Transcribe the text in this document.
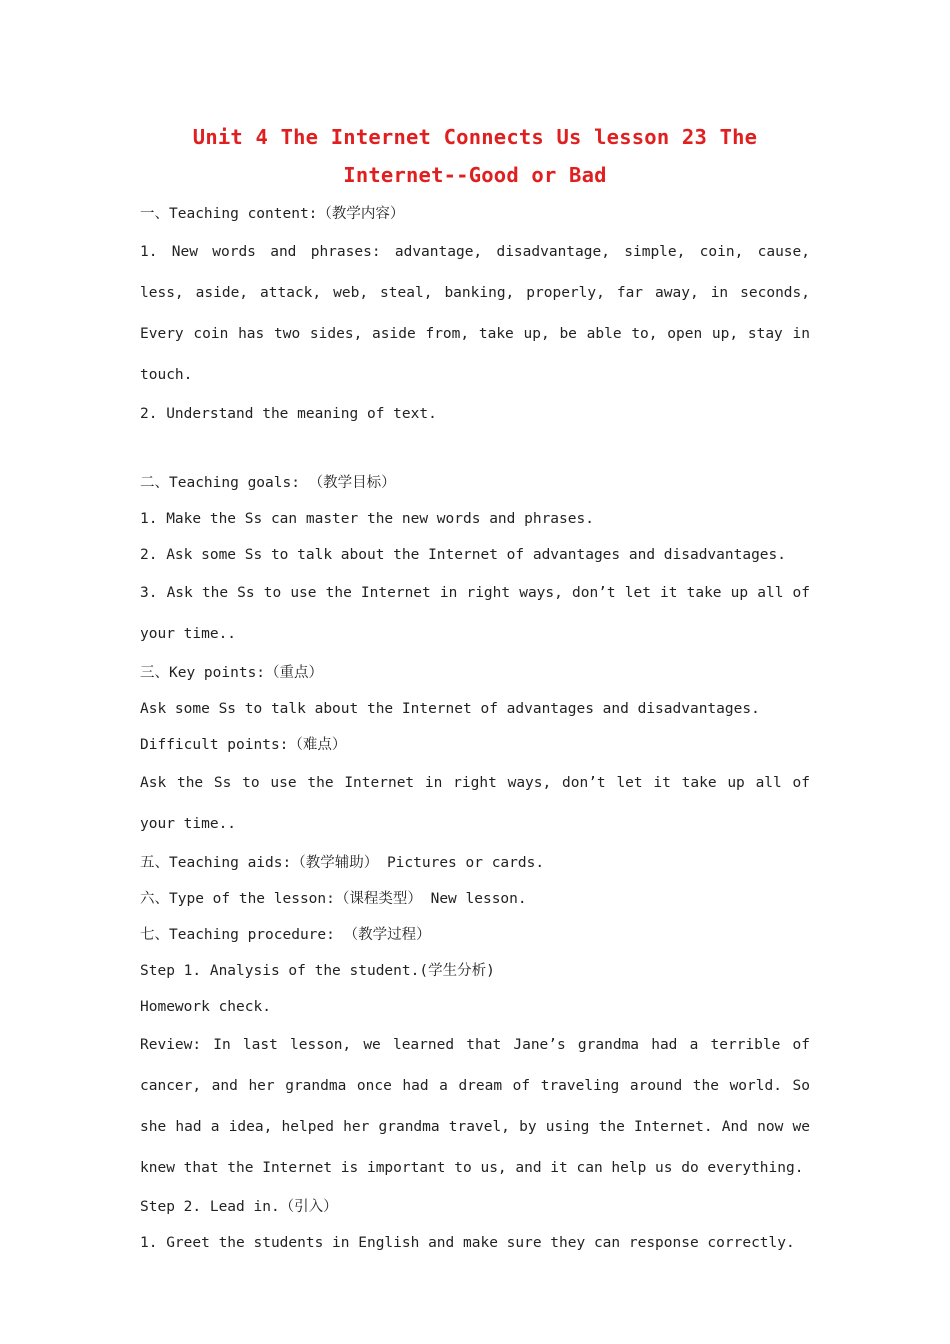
Unit 4 The Internet Connects Us lesson 23 The Internet--Good or Bad
一、Teaching content:（教学内容）
1. New words and phrases: advantage, disadvantage, simple, coin, cause, less, aside, attack, web, steal, banking, properly, far away, in seconds, Every coin has two sides, aside from, take up, be able to, open up, stay in touch.
2. Understand the meaning of text.
二、Teaching goals: （教学目标）
1. Make the Ss can master the new words and phrases.
2. Ask some Ss to talk about the Internet of advantages and disadvantages.
3. Ask the Ss to use the Internet in right ways, don’t let it take up all of your time..
三、Key points:（重点）
Ask some Ss to talk about the Internet of advantages and disadvantages.
Difficult points:（难点）
Ask the Ss to use the Internet in right ways, don’t let it take up all of your time..
五、Teaching aids:（教学辅助） Pictures or cards.
六、Type of the lesson:（课程类型） New lesson.
七、Teaching procedure: （教学过程）
Step 1. Analysis of the student.(学生分析)
Homework check.
Review: In last lesson, we learned that Jane’s grandma had a terrible of cancer, and her grandma once had a dream of traveling around the world. So she had a idea, helped her grandma travel, by using the Internet. And now we knew that the Internet is important to us, and it can help us do everything.
Step 2. Lead in.（引入）
1. Greet the students in English and make sure they can response correctly.
